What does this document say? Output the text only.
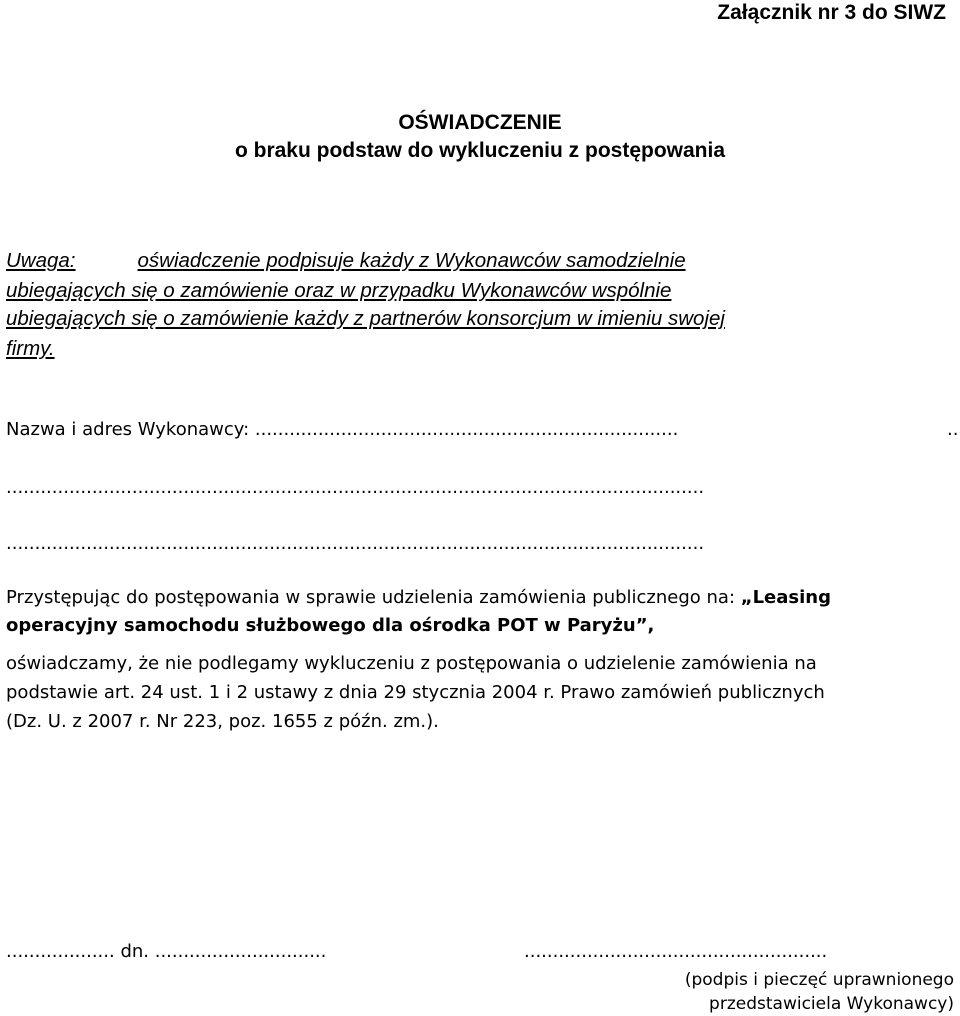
Załącznik nr 3 do SIWZ
OŚWIADCZENIE
o braku podstaw do wykluczeniu z postępowania
Uwaga:	oświadczenie podpisuje każdy z Wykonawców samodzielnie
ubiegających się o zamówienie oraz w przypadku Wykonawców wspólnie
ubiegających się o zamówienie każdy z partnerów konsorcjum w imieniu swojej
firmy.
Nazwa i adres Wykonawcy: ..........................................................................	..
..........................................................................................................................
..........................................................................................................................
Przystępując do postępowania w sprawie udzielenia zamówienia publicznego na: „Leasing
operacyjny samochodu służbowego dla ośrodka POT w Paryżu”,
oświadczamy, że nie podlegamy wykluczeniu z postępowania o udzielenie zamówienia na
podstawie art. 24 ust. 1 i 2 ustawy z dnia 29 stycznia 2004 r. Prawo zamówień publicznych
(Dz. U. z 2007 r. Nr 223, poz. 1655 z późn. zm.).
................... dn. ..............................	.....................................................
(podpis i pieczęć uprawnionego
przedstawiciela Wykonawcy)
